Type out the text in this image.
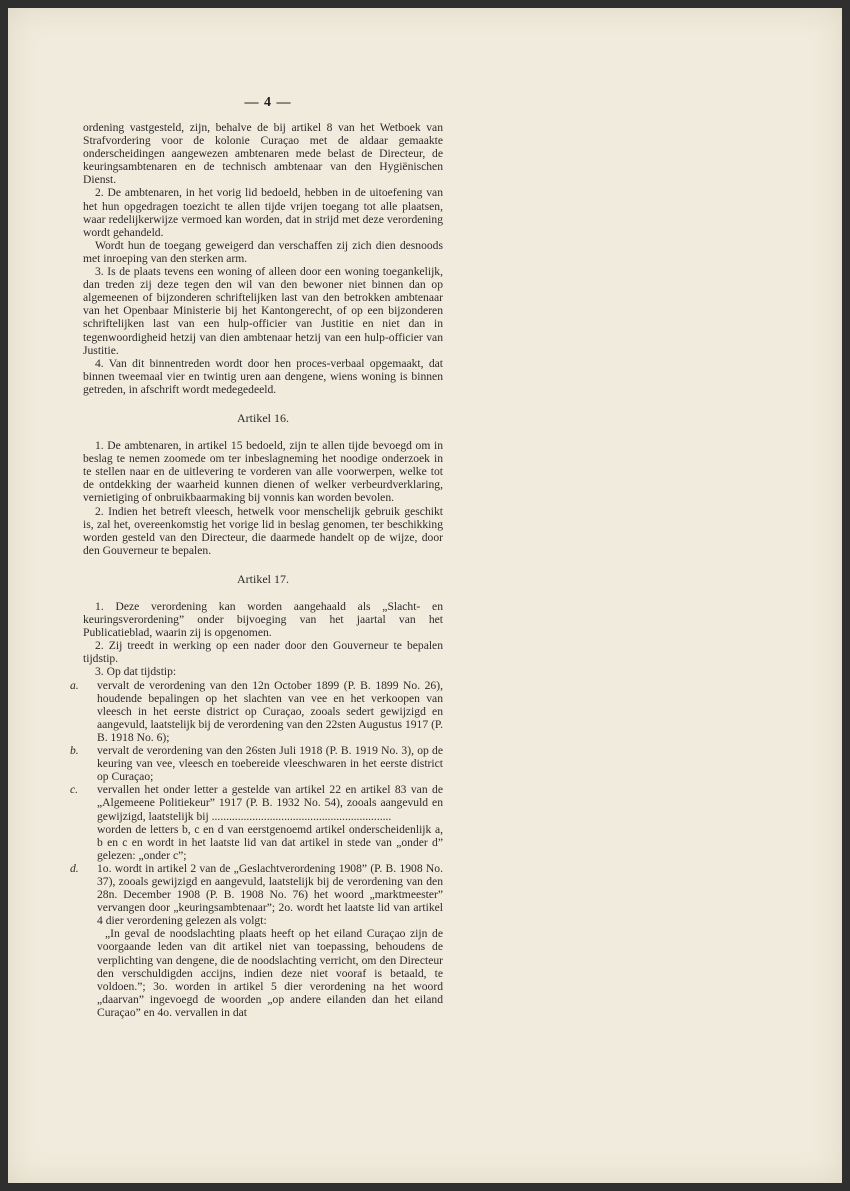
— 4 —

ordening vastgesteld, zijn, behalve de bij artikel 8 van het Wetboek van Strafvordering voor de kolonie Curaçao met de aldaar gemaakte onderscheidingen aangewezen ambtenaren mede belast de Directeur, de keuringsambtenaren en de technisch ambtenaar van den Hygiënischen Dienst.

2. De ambtenaren, in het vorig lid bedoeld, hebben in de uitoefening van het hun opgedragen toezicht te allen tijde vrijen toegang tot alle plaatsen, waar redelijkerwijze vermoed kan worden, dat in strijd met deze verordening wordt gehandeld.

Wordt hun de toegang geweigerd dan verschaffen zij zich dien desnoods met inroeping van den sterken arm.

3. Is de plaats tevens een woning of alleen door een woning toegankelijk, dan treden zij deze tegen den wil van den bewoner niet binnen dan op algemeenen of bijzonderen schriftelijken last van den betrokken ambtenaar van het Openbaar Ministerie bij het Kantongerecht, of op een bijzonderen schriftelijken last van een hulp-officier van Justitie en niet dan in tegenwoordigheid hetzij van dien ambtenaar hetzij van een hulp-officier van Justitie.

4. Van dit binnentreden wordt door hen proces-verbaal opgemaakt, dat binnen tweemaal vier en twintig uren aan dengene, wiens woning is binnen getreden, in afschrift wordt medegedeeld.

Artikel 16.

1. De ambtenaren, in artikel 15 bedoeld, zijn te allen tijde bevoegd om in beslag te nemen zoomede om ter inbeslagneming het noodige onderzoek in te stellen naar en de uitlevering te vorderen van alle voorwerpen, welke tot de ontdekking der waarheid kunnen dienen of welker verbeurdverklaring, vernietiging of onbruikbaarmaking bij vonnis kan worden bevolen.

2. Indien het betreft vleesch, hetwelk voor menschelijk gebruik geschikt is, zal het, overeenkomstig het vorige lid in beslag genomen, ter beschikking worden gesteld van den Directeur, die daarmede handelt op de wijze, door den Gouverneur te bepalen.

Artikel 17.

1. Deze verordening kan worden aangehaald als „Slacht- en keuringsverordening” onder bijvoeging van het jaartal van het Publicatieblad, waarin zij is opgenomen.

2. Zij treedt in werking op een nader door den Gouverneur te bepalen tijdstip.

3. Op dat tijdstip:

a. vervalt de verordening van den 12n October 1899 (P. B. 1899 No. 26), houdende bepalingen op het slachten van vee en het verkoopen van vleesch in het eerste district op Curaçao, zooals sedert gewijzigd en aangevuld, laatstelijk bij de verordening van den 22sten Augustus 1917 (P. B. 1918 No. 6);
b. vervalt de verordening van den 26sten Juli 1918 (P. B. 1919 No. 3), op de keuring van vee, vleesch en toebereide vleeschwaren in het eerste district op Curaçao;
c. vervallen het onder letter a gestelde van artikel 22 en artikel 83 van de „Algemeene Politiekeur” 1917 (P. B. 1932 No. 54), zooals aangevuld en gewijzigd, laatstelijk bij ..............................................................

worden de letters b, c en d van eerstgenoemd artikel onderscheidenlijk a, b en c en wordt in het laatste lid van dat artikel in stede van „onder d” gelezen: „onder c”;

d. 1o. wordt in artikel 2 van de „Geslachtverordening 1908” (P. B. 1908 No. 37), zooals gewijzigd en aangevuld, laatstelijk bij de verordening van den 28n. December 1908 (P. B. 1908 No. 76) het woord „marktmeester” vervangen door „keuringsambtenaar”; 2o. wordt het laatste lid van artikel 4 dier verordening gelezen als volgt:

„In geval de noodslachting plaats heeft op het eiland Curaçao zijn de voorgaande leden van dit artikel niet van toepassing, behoudens de verplichting van dengene, die de noodslachting verricht, om den Directeur den verschuldigden accijns, indien deze niet vooraf is betaald, te voldoen.”; 3o. worden in artikel 5 dier verordening na het woord „daarvan” ingevoegd de woorden „op andere eilanden dan het eiland Curaçao” en 4o. vervallen in dat
